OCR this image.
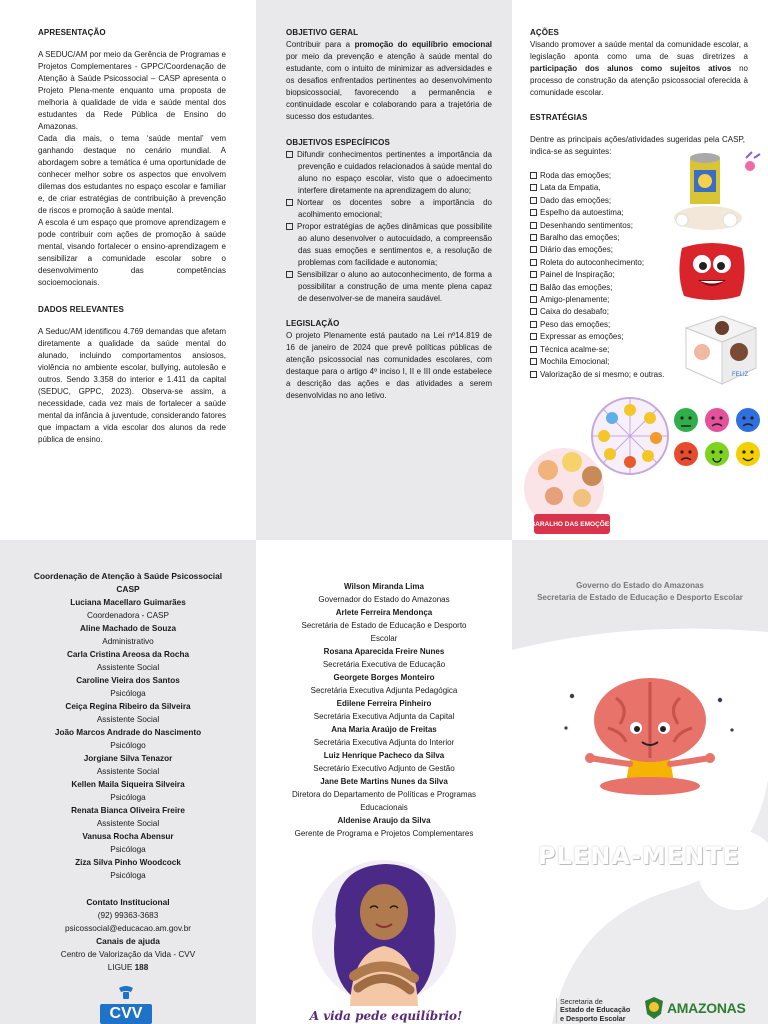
APRESENTAÇÃO

A SEDUC/AM por meio da Gerência de Programas e Projetos Complementares - GPPC/Coordenação de Atenção à Saúde Psicossocial – CASP apresenta o Projeto Plena-mente enquanto uma proposta de melhoria à qualidade de vida e saúde mental dos estudantes da Rede Pública de Ensino do Amazonas.

Cada dia mais, o tema ‘saúde mental’ vem ganhando destaque no cenário mundial. A abordagem sobre a temática é uma oportunidade de conhecer melhor sobre os aspectos que envolvem dilemas dos estudantes no espaço escolar e familiar e, de criar estratégias de contribuição à prevenção de riscos e promoção à saúde mental.

A escola é um espaço que promove aprendizagem e pode contribuir com ações de promoção à saúde mental, visando fortalecer o ensino-aprendizagem e sensibilizar a comunidade escolar sobre o desenvolvimento das competências socioemocionais.

DADOS RELEVANTES
A Seduc/AM identificou 4.769 demandas que afetam diretamente a qualidade da saúde mental do alunado, incluindo comportamentos ansiosos, violência no ambiente escolar, bullying, autolesão e outros. Sendo 3.358 do interior e 1.411 da capital (SEDUC, GPPC, 2023). Observa-se assim, a necessidade, cada vez mais de fortalecer a saúde mental da infância à juventude, considerando fatores que impactam a vida escolar dos alunos da rede pública de ensino.
OBJETIVO GERAL
Contribuir para a promoção do equilíbrio emocional por meio da prevenção e atenção à saúde mental do estudante, com o intuito de minimizar as adversidades e os desafios enfrentados pertinentes ao desenvolvimento biopsicossocial, favorecendo a permanência e continuidade escolar e colaborando para a trajetória de sucesso dos estudantes.
OBJETIVOS ESPECÍFICOS
Difundir conhecimentos pertinentes a importância da prevenção e cuidados relacionados à saúde mental do aluno no espaço escolar, visto que o adoecimento interfere diretamente na aprendizagem do aluno;
Nortear os docentes sobre a importância do acolhimento emocional;
Propor estratégias de ações dinâmicas que possibilite ao aluno desenvolver o autocuidado, a compreensão das suas emoções e sentimentos e, a resolução de problemas com facilidade e autonomia;
Sensibilizar o aluno ao autoconhecimento, de forma a possibilitar a construção de uma mente plena capaz de desenvolver-se de maneira saudável.
LEGISLAÇÃO
O projeto Plenamente está pautado na Lei nº14.819 de 16 de janeiro de 2024 que prevê políticas públicas de atenção psicossocial nas comunidades escolares, com destaque para o artigo 4º inciso I, II e III onde estabelece a descrição das ações e das atividades a serem desenvolvidas no ano letivo.
AÇÕES
Visando promover a saúde mental da comunidade escolar, a legislação aponta como uma de suas diretrizes a participação dos alunos como sujeitos ativos no processo de construção da atenção psicossocial oferecida à comunidade escolar.
ESTRATÉGIAS
Dentre as principais ações/atividades sugeridas pela CASP, indica-se as seguintes:
Roda das emoções;
Lata da Empatia,
Dado das emoções;
Espelho da autoestima;
Desenhando sentimentos;
Baralho das emoções;
Diário das emoções;
Roleta do autoconhecimento;
Painel de Inspiração;
Balão das emoções;
Amigo-plenamente;
Caixa do desabafo;
Peso das emoções;
Expressar as emoções;
Técnica acalme-se;
Mochila Emocional;
Valorização de si mesmo; e outras.	FELIZ
BARALHO DAS EMOÇÕES
Coordenação de Atenção à Saúde Psicossocial
CASP
Luciana Macellaro Guimarães
Coordenadora - CASP
Aline Machado de Souza
Administrativo
Carla Cristina Areosa da Rocha
Assistente Social
Caroline Vieira dos Santos
Psicóloga
Ceiça Regina Ribeiro da Silveira
Assistente Social
João Marcos Andrade do Nascimento
Psicólogo
Jorgiane Silva Tenazor
Assistente Social
Kellen Maila Siqueira Silveira
Psicóloga
Renata Bianca Oliveira Freire
Assistente Social
Vanusa Rocha Abensur
Psicóloga
Ziza Silva Pinho Woodcock
Psicóloga
Contato Institucional
(92) 99363-3683
psicossocial@educacao.am.gov.br
Canais de ajuda
Centro de Valorização da Vida - CVV
LIGUE 188
CVV
Wilson Miranda Lima
Governador do Estado do Amazonas
Arlete Ferreira Mendonça
Secretária de Estado de Educação e Desporto Escolar
Rosana Aparecida Freire Nunes
Secretária Executiva de Educação
Georgete Borges Monteiro
Secretária Executiva Adjunta Pedagógica
Edilene Ferreira Pinheiro
Secretária Executiva Adjunta da Capital
Ana Maria Araújo de Freitas
Secretária Executiva Adjunta do Interior
Luiz Henrique Pacheco da Silva
Secretário Executivo Adjunto de Gestão
Jane Bete Martins Nunes da Silva
Diretora do Departamento de Políticas e Programas Educacionais
Aldenise Araujo da Silva
Gerente de Programa e Projetos Complementares
A vida pede equilíbrio!
Governo do Estado do Amazonas
Secretaria de Estado de Educação e Desporto Escolar
PLENA-MENTE
Secretaria de
Estado de Educação
e Desporto Escolar
AMAZONAS
